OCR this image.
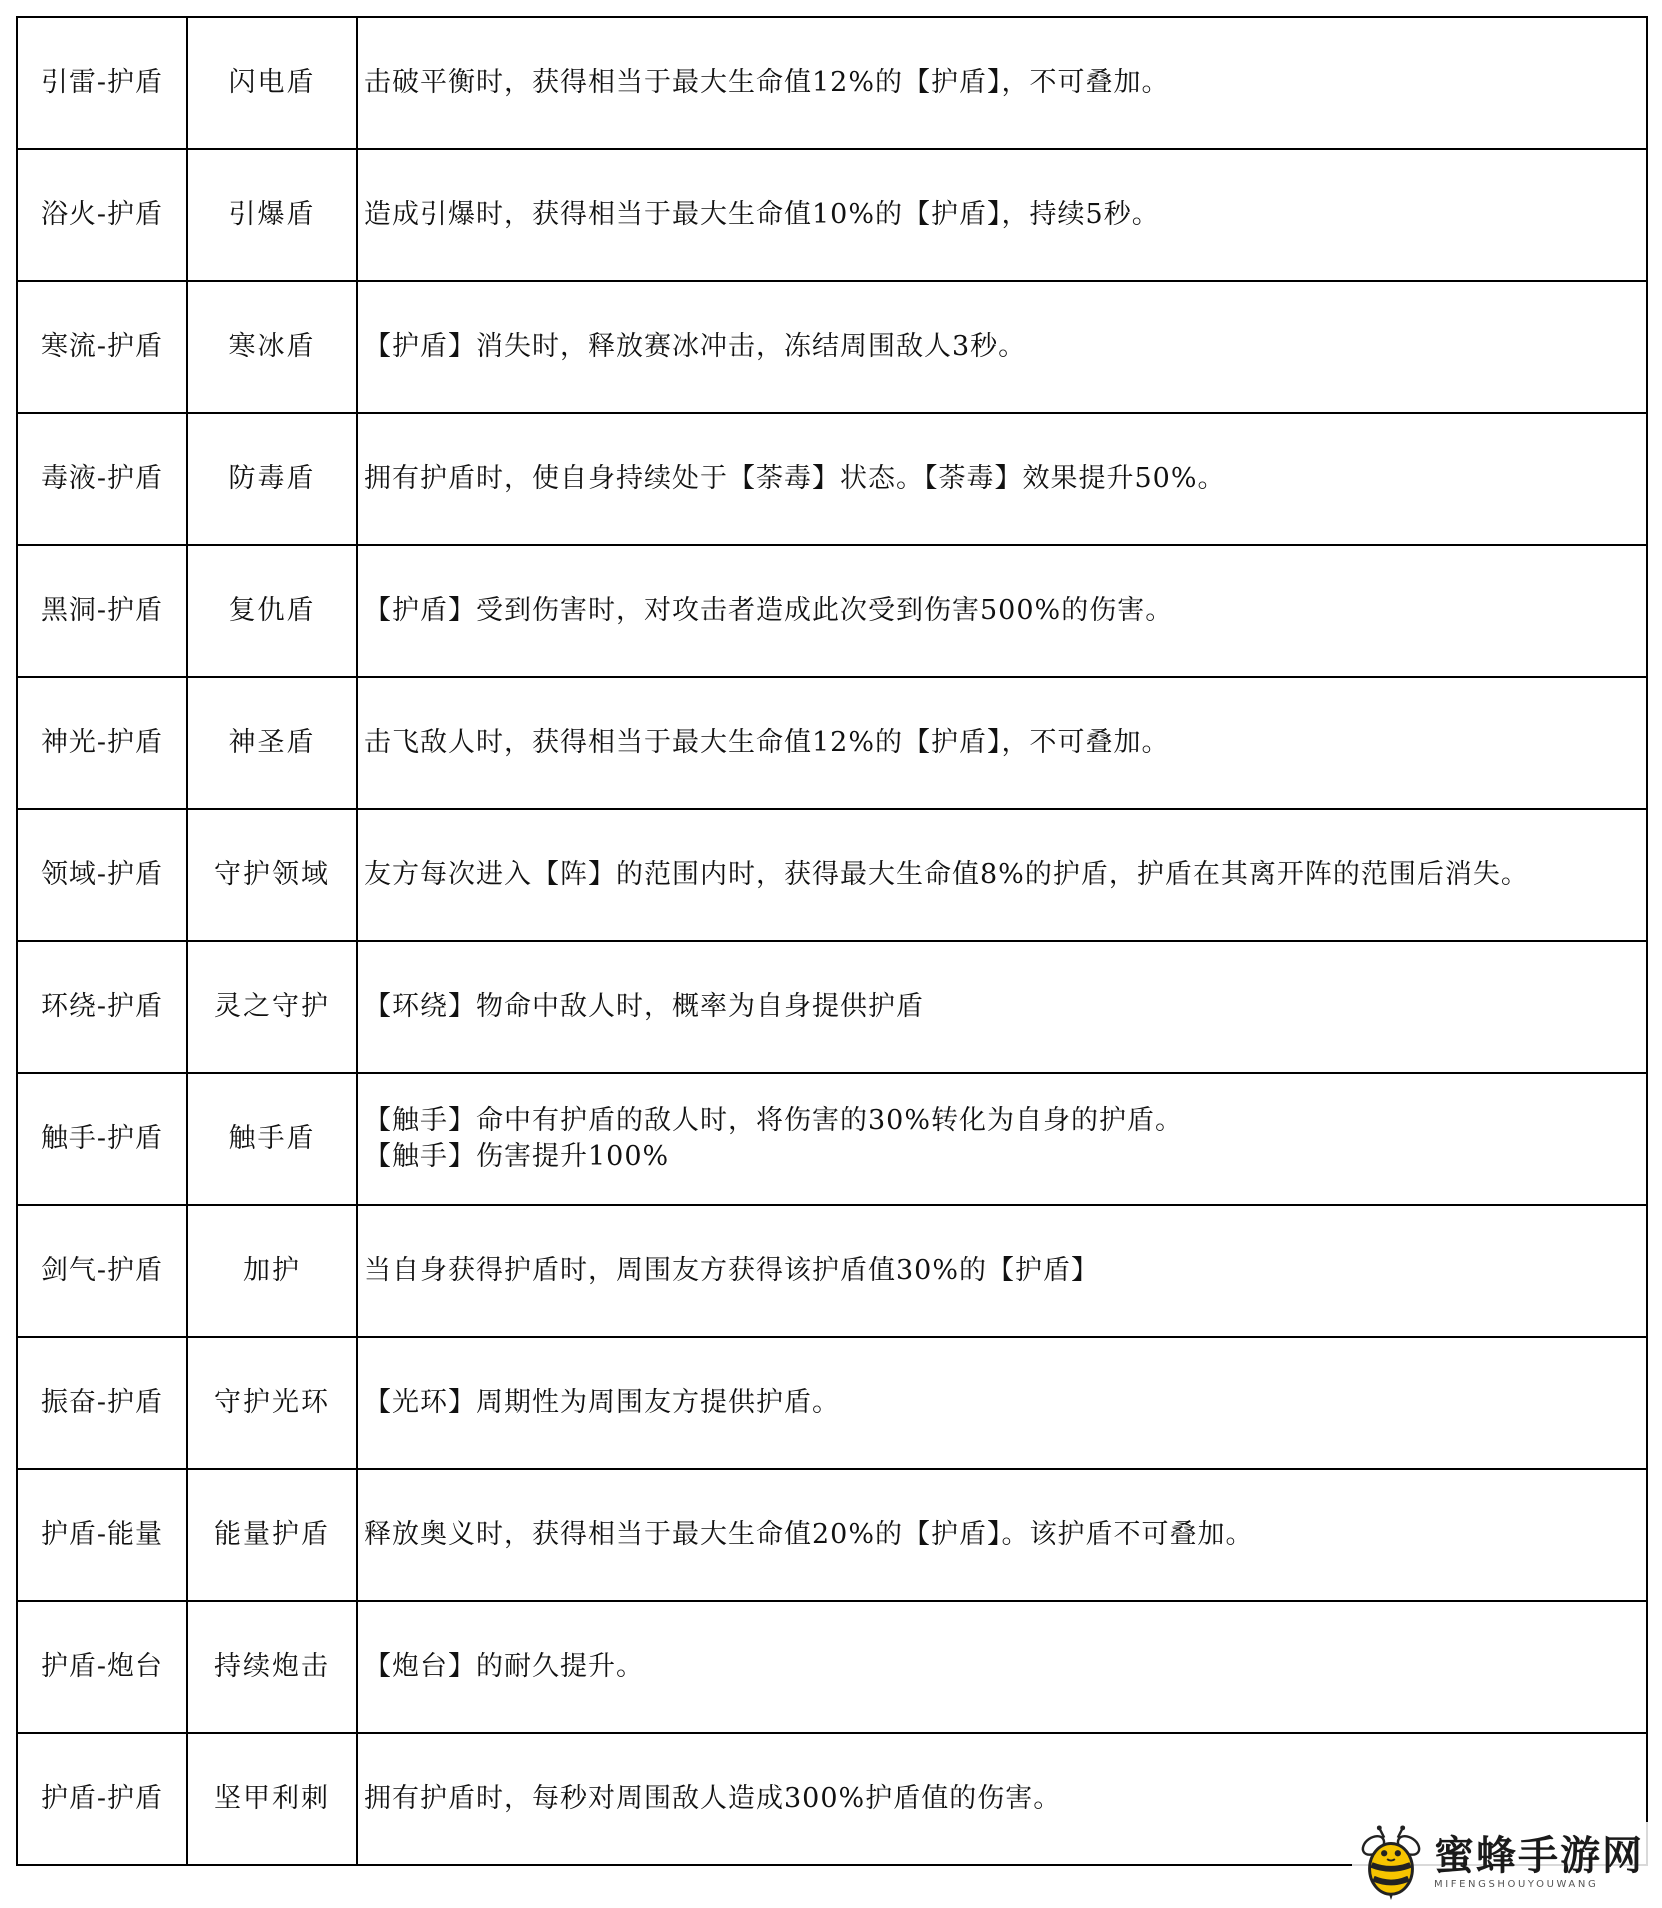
引雷-护盾	闪电盾	击破平衡时，获得相当于最大生命值12%的【护盾】，不可叠加。

浴火-护盾	引爆盾	造成引爆时，获得相当于最大生命值10%的【护盾】，持续5秒。

寒流-护盾	寒冰盾	【护盾】消失时，释放赛冰冲击，冻结周围敌人3秒。

毒液-护盾	防毒盾	拥有护盾时，使自身持续处于【荼毒】状态。【荼毒】效果提升50%。

黑洞-护盾	复仇盾	【护盾】受到伤害时，对攻击者造成此次受到伤害500%的伤害。

神光-护盾	神圣盾	击飞敌人时，获得相当于最大生命值12%的【护盾】，不可叠加。

领域-护盾	守护领域	友方每次进入【阵】的范围内时，获得最大生命值8%的护盾，护盾在其离开阵的范围后消失。

环绕-护盾	灵之守护	【环绕】物命中敌人时，概率为自身提供护盾

触手-护盾	触手盾	【触手】命中有护盾的敌人时，将伤害的30%转化为自身的护盾。
【触手】伤害提升100%

剑气-护盾	加护	当自身获得护盾时，周围友方获得该护盾值30%的【护盾】

振奋-护盾	守护光环	【光环】周期性为周围友方提供护盾。

护盾-能量	能量护盾	释放奥义时，获得相当于最大生命值20%的【护盾】。该护盾不可叠加。

护盾-炮台	持续炮击	【炮台】的耐久提升。

护盾-护盾	坚甲利刺	拥有护盾时，每秒对周围敌人造成300%护盾值的伤害。
蜜蜂手游网
MIFENGSHOUYOUWANG
